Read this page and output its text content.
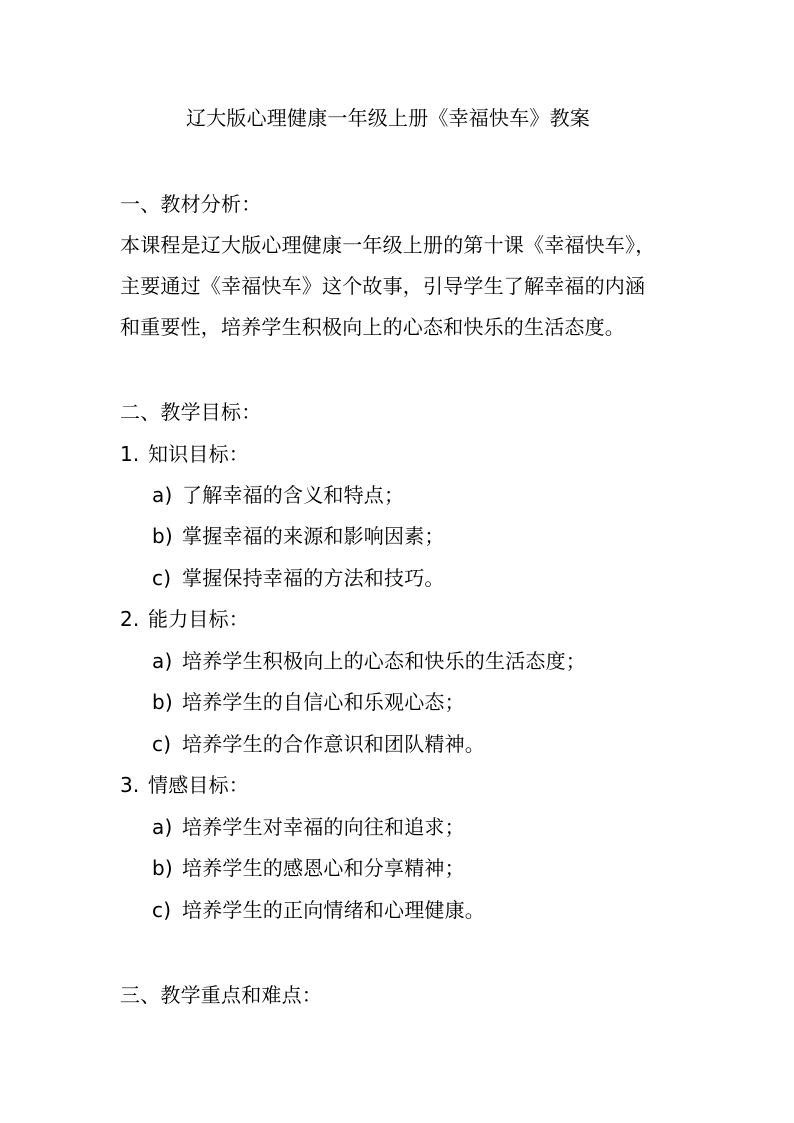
辽大版心理健康一年级上册《幸福快车》教案
一、教材分析：
本课程是辽大版心理健康一年级上册的第十课《幸福快车》，
主要通过《幸福快车》这个故事，引导学生了解幸福的内涵
和重要性，培养学生积极向上的心态和快乐的生活态度。
二、教学目标：
1. 知识目标：
a) 了解幸福的含义和特点；
b) 掌握幸福的来源和影响因素；
c) 掌握保持幸福的方法和技巧。
2. 能力目标：
a) 培养学生积极向上的心态和快乐的生活态度；
b) 培养学生的自信心和乐观心态；
c) 培养学生的合作意识和团队精神。
3. 情感目标：
a) 培养学生对幸福的向往和追求；
b) 培养学生的感恩心和分享精神；
c) 培养学生的正向情绪和心理健康。
三、教学重点和难点：
